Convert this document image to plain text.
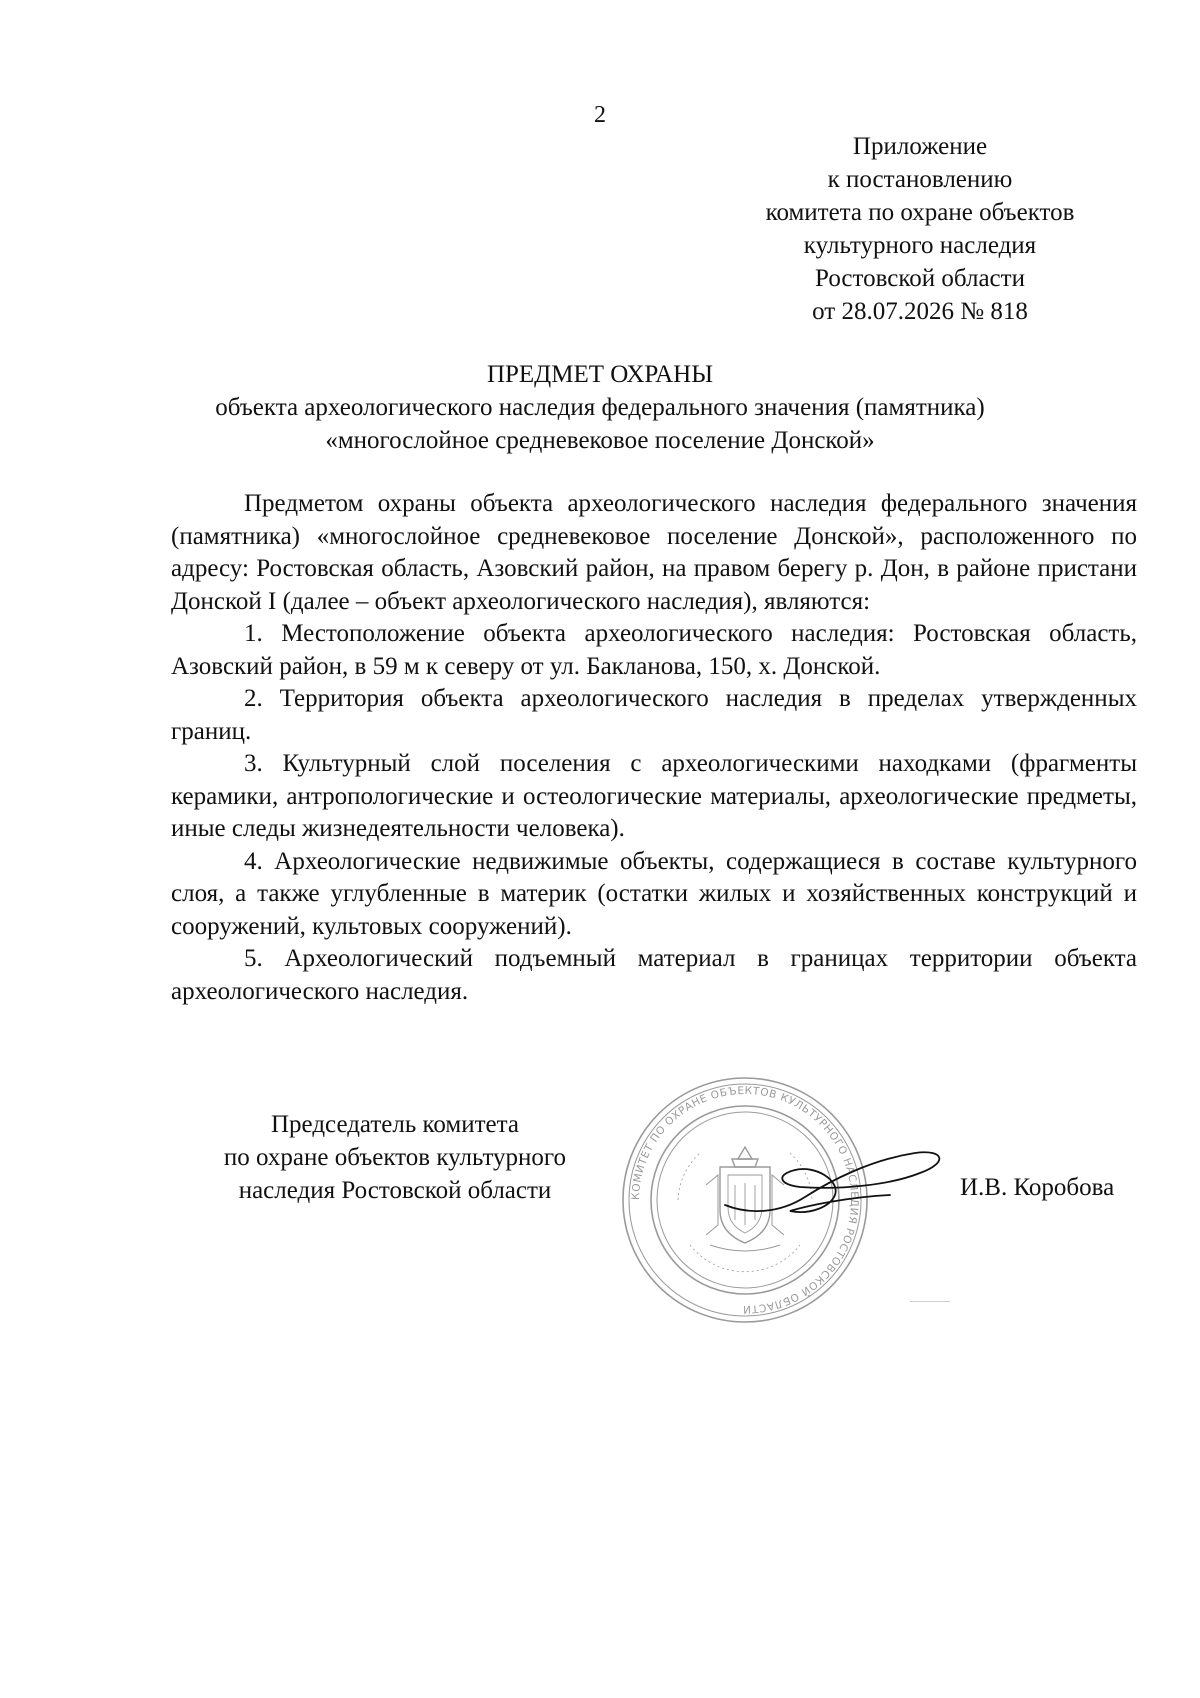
2
Приложение
к постановлению
комитета по охране объектов
культурного наследия
Ростовской области
от 28.07.2026 № 818
ПРЕДМЕТ ОХРАНЫ
объекта археологического наследия федерального значения (памятника)
«многослойное средневековое поселение Донской»

Предметом охраны объекта археологического наследия федерального значения (памятника) «многослойное средневековое поселение Донской», расположенного по адресу: Ростовская область, Азовский район, на правом берегу р. Дон, в районе пристани Донской I (далее – объект археологического наследия), являются:

1. Местоположение объекта археологического наследия: Ростовская область, Азовский район, в 59 м к северу от ул. Бакланова, 150, х. Донской.

2. Территория объекта археологического наследия в пределах утвержденных границ.

3. Культурный слой поселения с археологическими находками (фрагменты керамики, антропологические и остеологические материалы, археологические предметы, иные следы жизнедеятельности человека).

4. Археологические недвижимые объекты, содержащиеся в составе культурного слоя, а также углубленные в материк (остатки жилых и хозяйственных конструкций и сооружений, культовых сооружений).

5. Археологический подъемный материал в границах территории объекта археологического наследия.

Председатель комитета
по охране объектов культурного
наследия Ростовской области	КОМИТЕТ ПО ОХРАНЕ ОБЪЕКТОВ КУЛЬТУРНОГО НАСЛЕДИЯ РОСТОВСКОЙ ОБЛАСТИ
И.В. Коробова
